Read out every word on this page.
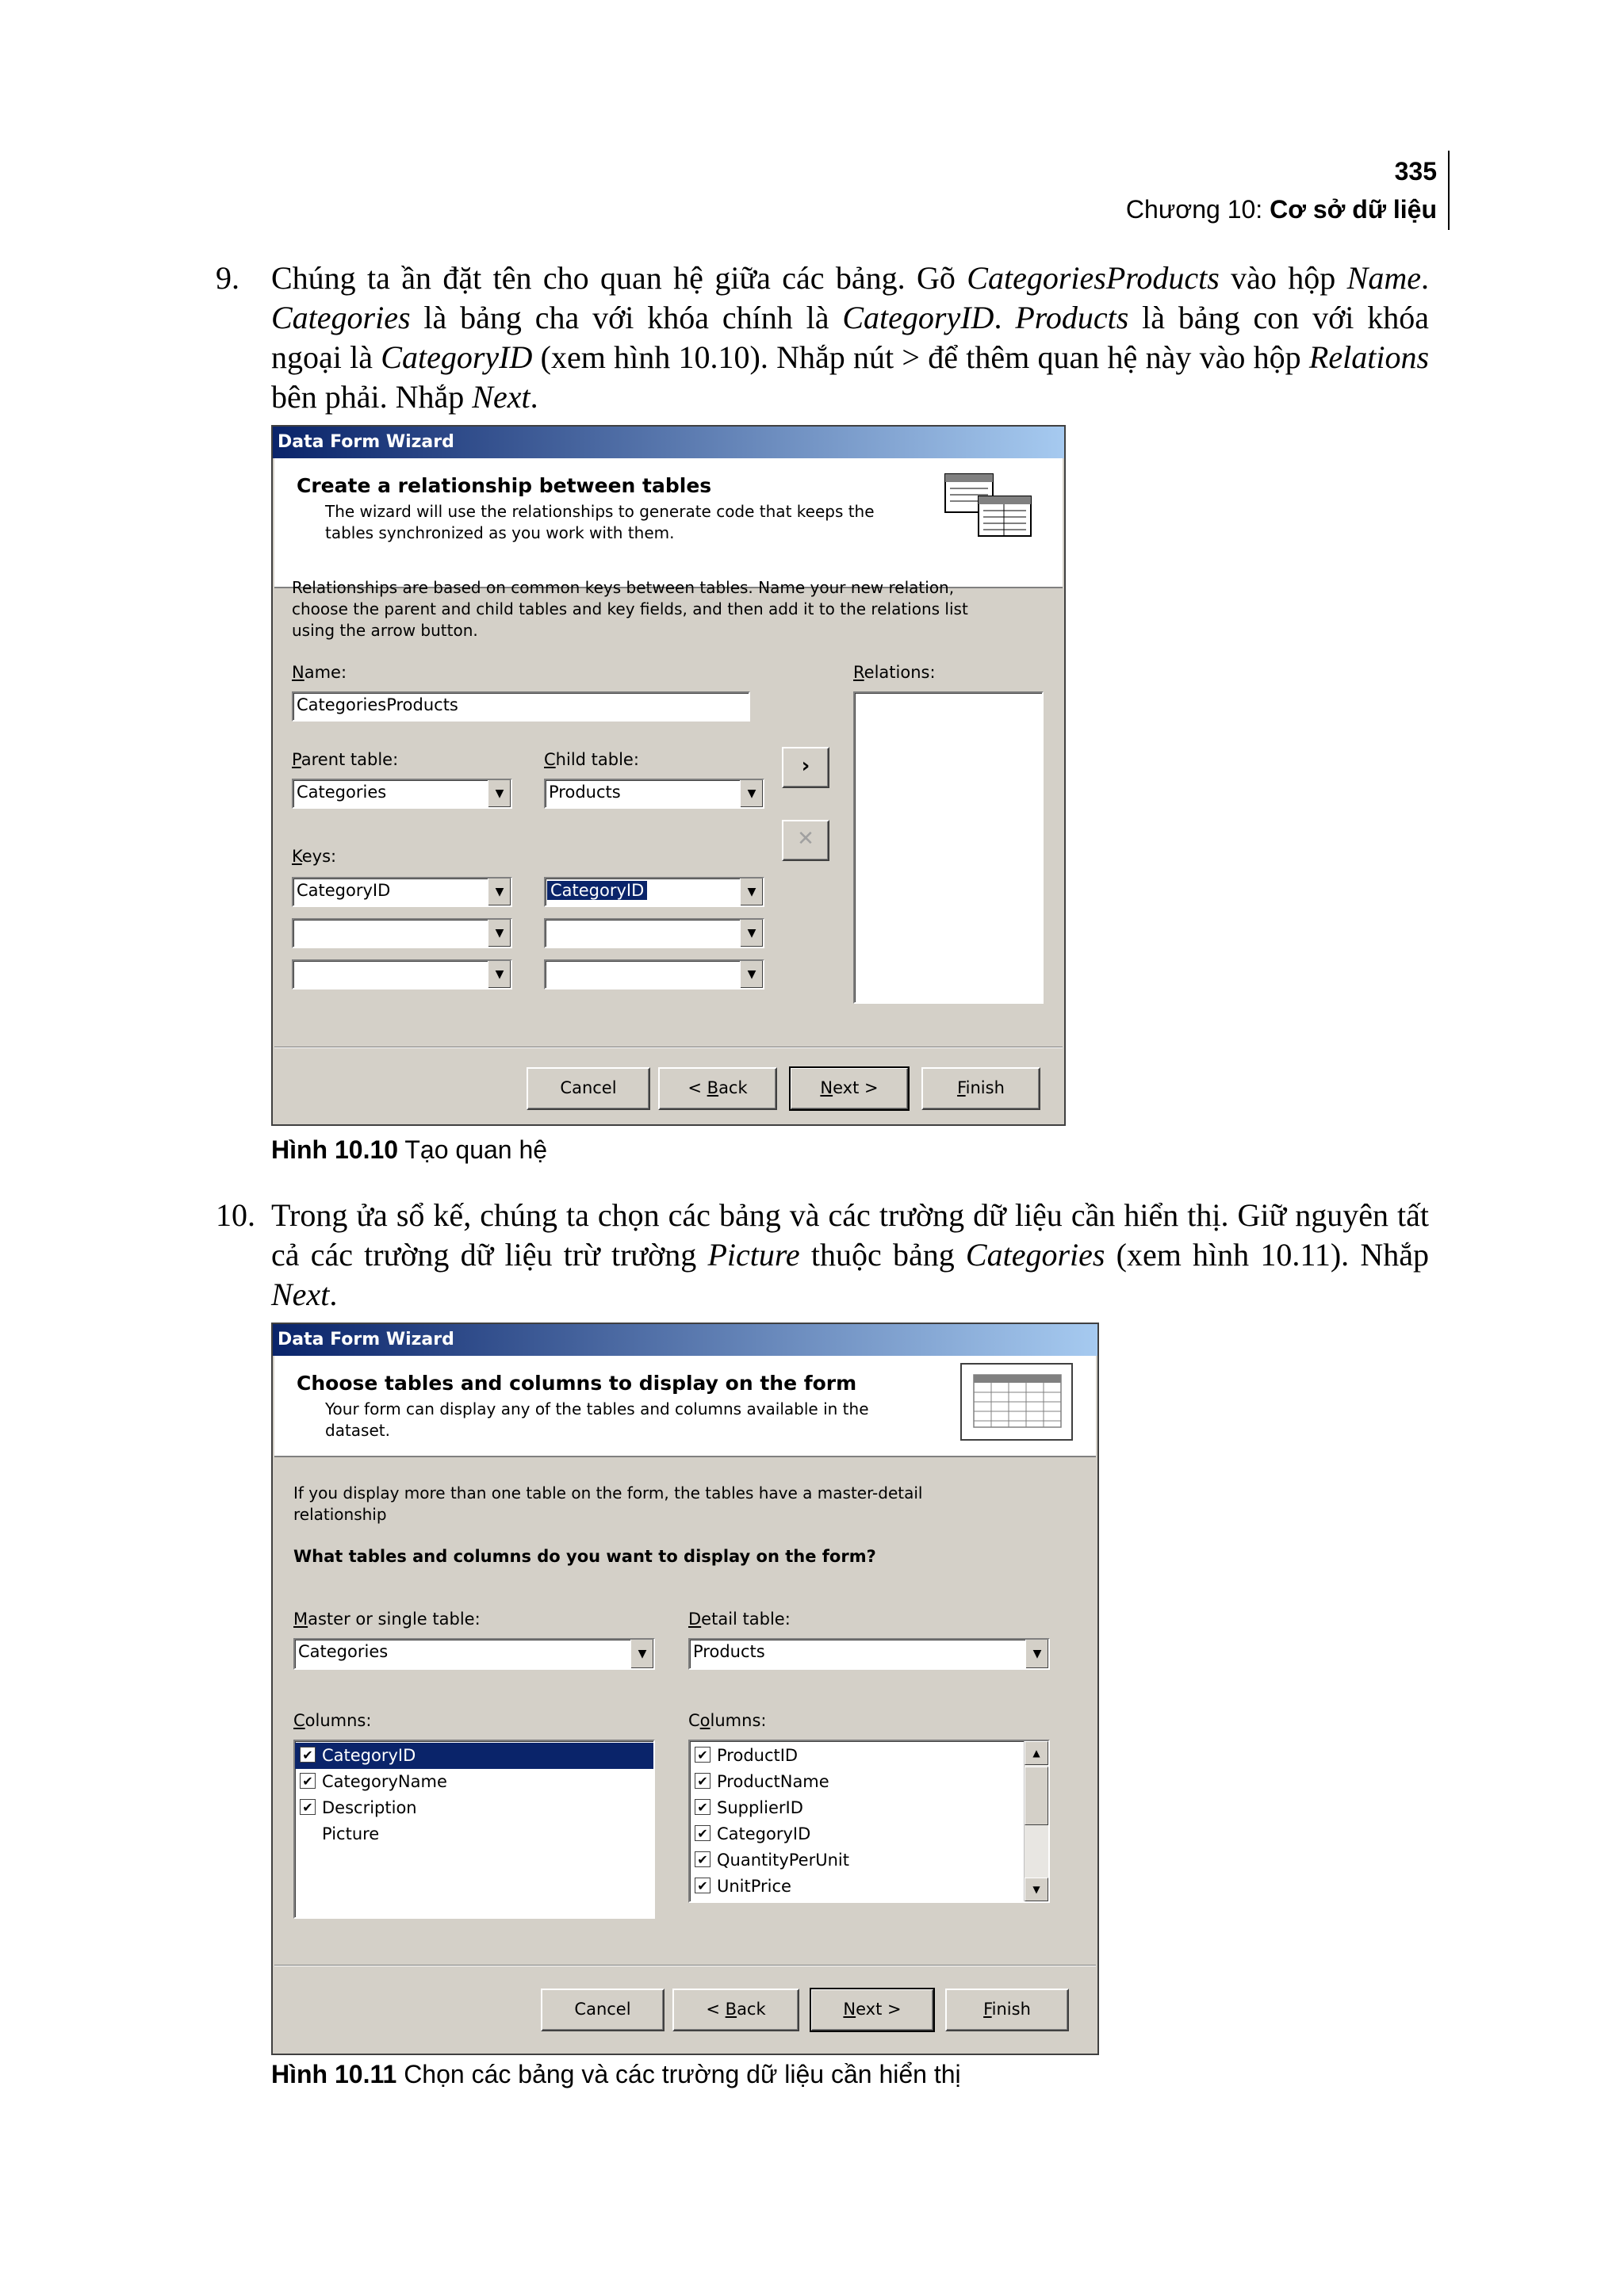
335
Chương 10: Cơ sở dữ liệu
9. Chúng ta ần đặt tên cho quan hệ giữa các bảng. Gõ CategoriesProducts vào hộp Name. Categories là bảng cha với khóa chính là CategoryID. Products là bảng con với khóa ngoại là CategoryID (xem hình 10.10). Nhắp nút > để thêm quan hệ này vào hộp Relations bên phải. Nhắp Next.
Data Form Wizard
Create a relationship between tables
The wizard will use the relationships to generate code that keeps the tables synchronized as you work with them.
Relationships are based on common keys between tables. Name your new relation, choose the parent and child tables and key fields, and then add it to the relations list using the arrow button.
Name:
CategoriesProducts
Relations:
Parent table:
Categories	▼
Child table:
Products	▼
›
✕
Keys:
CategoryID	▼	CategoryID	▼
▼	▼
▼	▼
Cancel	< Back	Next >	Finish
Hình 10.10 Tạo quan hệ
10. Trong ửa sổ kế, chúng ta chọn các bảng và các trường dữ liệu cần hiển thị. Giữ nguyên tất cả các trường dữ liệu trừ trường Picture thuộc bảng Categories (xem hình 10.11). Nhắp Next.
Data Form Wizard
Choose tables and columns to display on the form
Your form can display any of the tables and columns available in the dataset.
If you display more than one table on the form, the tables have a master-detail relationship
What tables and columns do you want to display on the form?
Master or single table:
Categories	▼
Detail table:
Products	▼
Columns:
✔ CategoryID
✔ CategoryName
✔ Description
Picture
Columns:
✔ ProductID
✔ ProductName
✔ SupplierID
✔ CategoryID
✔ QuantityPerUnit
✔ UnitPrice
▲
▼
Cancel	< Back	Next >	Finish
Hình 10.11 Chọn các bảng và các trường dữ liệu cần hiển thị
